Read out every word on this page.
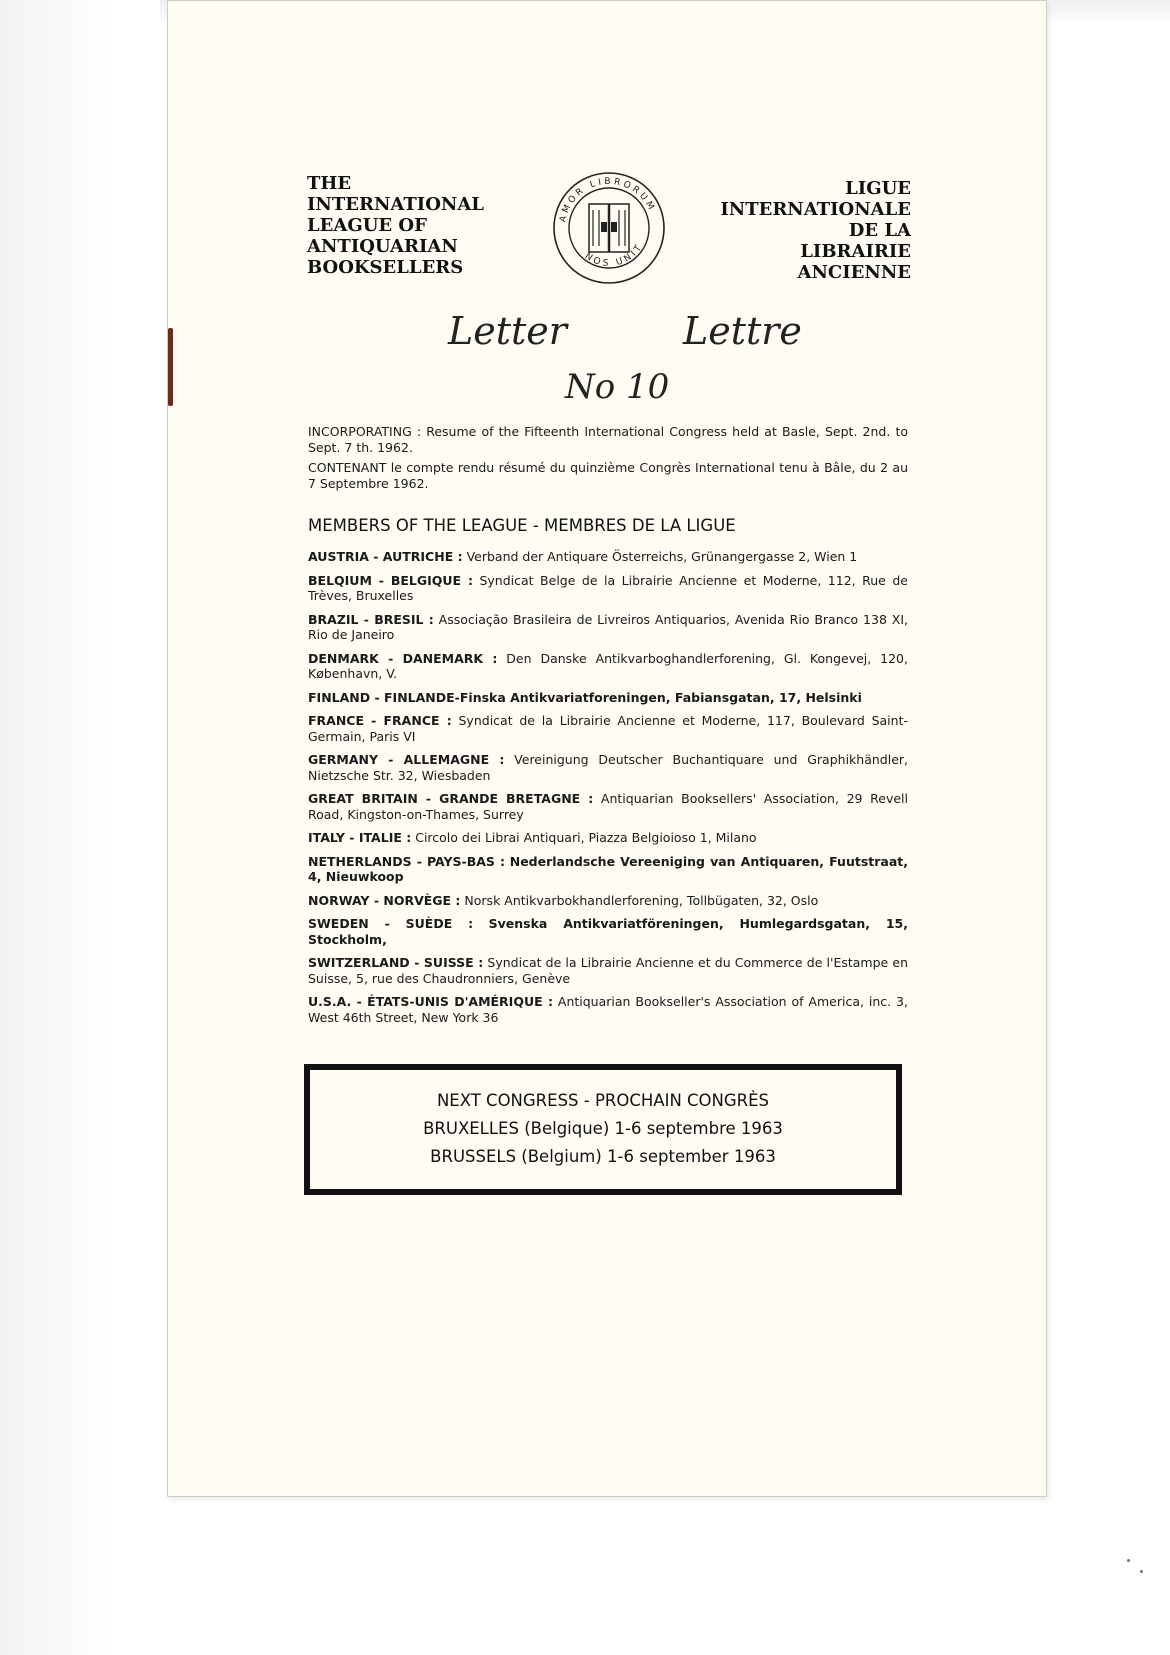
THE
INTERNATIONAL
LEAGUE OF
ANTIQUARIAN
BOOKSELLERS
AMOR LIBRORUM
NOS UNIT
LIGUE
INTERNATIONALE
DE LA
LIBRAIRIE
ANCIENNE
Letter	Lettre
No 10
INCORPORATING : Resume of the Fifteenth International Congress held at Basle, Sept. 2nd. to Sept. 7 th. 1962.
CONTENANT le compte rendu résumé du quinzième Congrès International tenu à Bâle, du 2 au 7 Septembre 1962.
MEMBERS OF THE LEAGUE - MEMBRES DE LA LIGUE
AUSTRIA - AUTRICHE : Verband der Antiquare Österreichs, Grünangergasse 2, Wien 1
BELQIUM - BELGIQUE : Syndicat Belge de la Librairie Ancienne et Moderne, 112, Rue de Trèves, Bruxelles
BRAZIL - BRESIL : Associação Brasileira de Livreiros Antiquarios, Avenida Rio Branco 138 XI, Rio de Janeiro
DENMARK - DANEMARK : Den Danske Antikvarboghandlerforening, Gl. Kongevej, 120, København, V.
FINLAND - FINLANDE-Finska Antikvariatforeningen, Fabiansgatan, 17, Helsinki
FRANCE - FRANCE : Syndicat de la Librairie Ancienne et Moderne, 117, Boulevard Saint-Germain, Paris VI
GERMANY - ALLEMAGNE : Vereinigung Deutscher Buchantiquare und Graphikhändler, Nietzsche Str. 32, Wiesbaden
GREAT BRITAIN - GRANDE BRETAGNE : Antiquarian Booksellers' Association, 29 Revell Road, Kingston-on-Thames, Surrey
ITALY - ITALIE : Circolo dei Librai Antiquari, Piazza Belgioioso 1, Milano
NETHERLANDS - PAYS-BAS : Nederlandsche Vereeniging van Antiquaren, Fuutstraat, 4, Nieuwkoop
NORWAY - NORVÈGE : Norsk Antikvarbokhandlerforening, Tollbügaten, 32, Oslo
SWEDEN - SUÈDE : Svenska Antikvariatföreningen, Humlegardsgatan, 15, Stockholm,
SWITZERLAND - SUISSE : Syndicat de la Librairie Ancienne et du Commerce de l'Estampe en Suisse, 5, rue des Chaudronniers, Genève
U.S.A. - ÉTATS-UNIS D'AMÉRIQUE : Antiquarian Bookseller's Association of America, inc. 3, West 46th Street, New York 36
NEXT CONGRESS - PROCHAIN CONGRÈS
BRUXELLES (Belgique) 1-6 septembre 1963
BRUSSELS (Belgium) 1-6 september 1963
